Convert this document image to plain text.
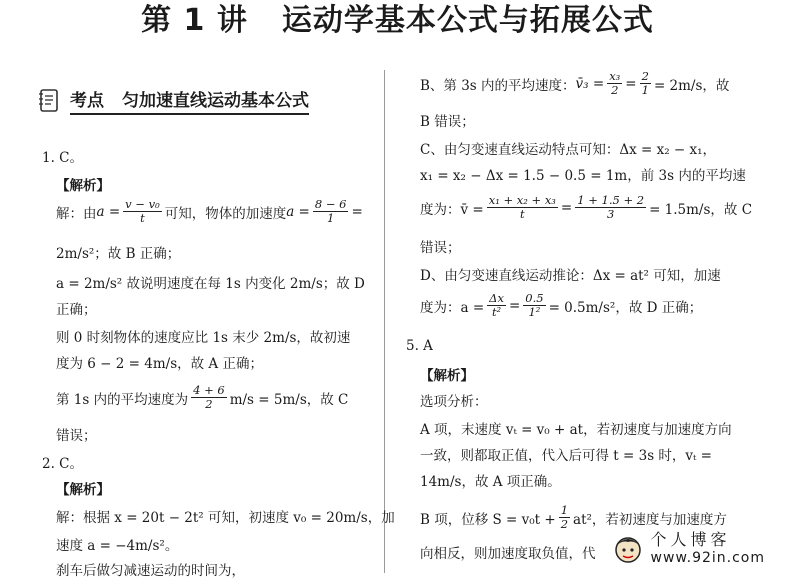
第 1 讲 运动学基本公式与拓展公式
考点 匀加速直线运动基本公式
1. C。
【解析】
解：由 $a = \frac{\text{v − v₀}}{t}$ 可知，物体的加速度 $a = \frac{8 - 6}{1}$ =
2m/s²；故 B 正确；
a = 2m/s² 故说明速度在每 1s 内变化 2m/s；故 D
正确；
则 0 时刻物体的速度应比 1s 末少 2m/s，故初速
度为 6 − 2 = 4m/s，故 A 正确；
第 1s 内的平均速度为 $\frac{4 + 6}{2} m/s = 5m/s$，故 C
错误；
2. C。
【解析】
解：根据 x = 20t − 2t² 可知，初速度 v₀ = 20m/s，加
速度 a = −4m/s²。
刹车后做匀减速运动的时间为，
B、第 3s 内的平均速度： v̄₃ = $\frac{\text{x₃}}{2} = \frac{2}{1} = 2m/s$，故
B 错误；
C、由匀变速直线运动特点可知：Δx = x₂ − x₁，
x₁ = x₂ − Δx = 1.5 − 0.5 = 1m，前 3s 内的平均速
度为：v̄ = $\frac{\text{x₁ + x₂ + x₃}}{t} = \frac{1 + 1.5 + 2}{3} = 1.5m/s$，故 C
错误；
D、由匀变速直线运动推论：Δx = at² 可知，加速
度为：$a = \frac{\Delta x}{\text{t²}} = \frac{0.5}{\text{1²}} = 0.5m/s^2$，故 D 正确；
5. A
【解析】
选项分析：
A 项，末速度 vₜ = v₀ + at，若初速度与加速度方向
一致，则都取正值，代入后可得 t = 3s 时，vₜ =
14m/s，故 A 项正确。
B 项，位移 $S = v_0t + \frac{1}{2} at^2$，若初速度与加速度方
向相反，则加速度取负值，代
个人博客
www.92in.com
